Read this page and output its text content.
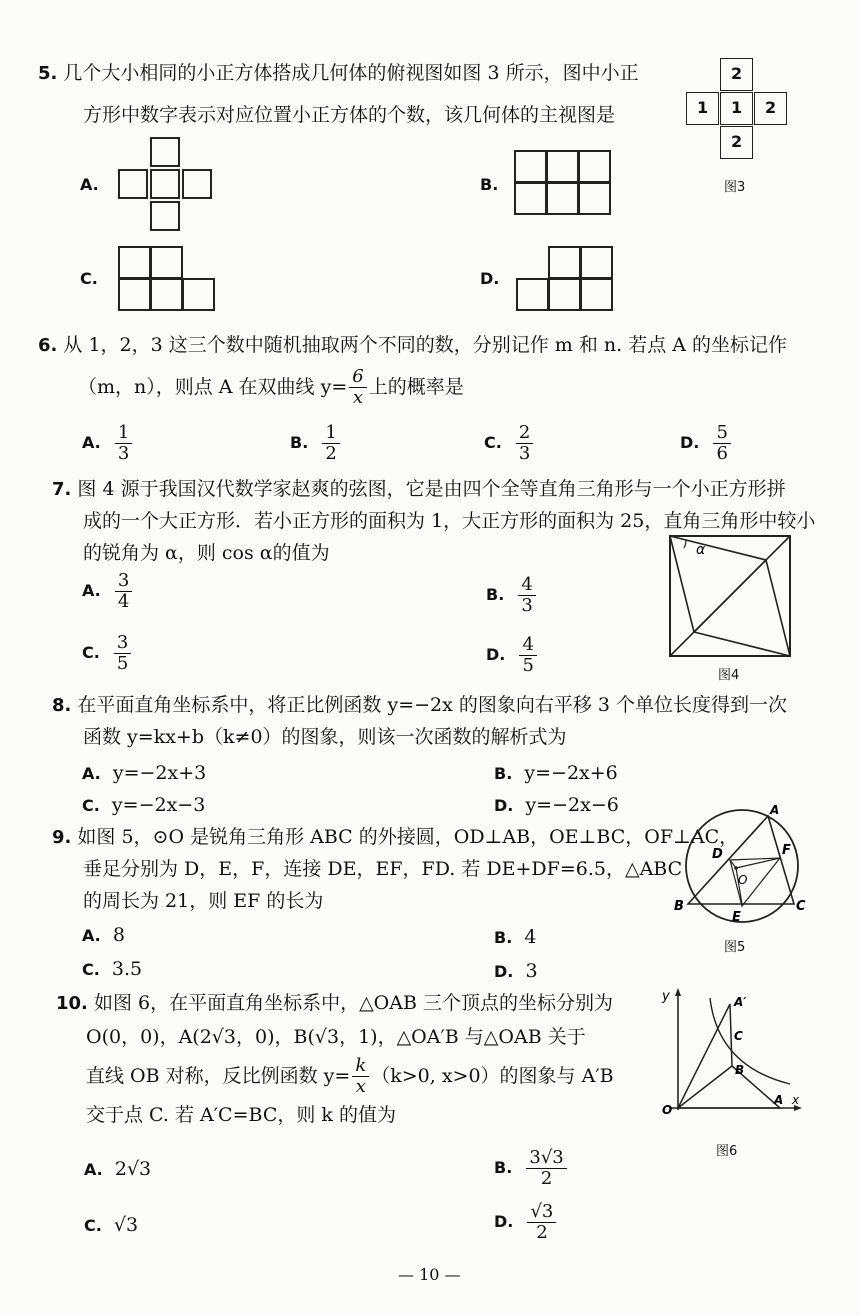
5. 几个大小相同的小正方体搭成几何体的俯视图如图 3 所示，图中小正
方形中数字表示对应位置小正方体的个数，该几何体的主视图是
2
1 1 2
2
图3
A.	B.
C.	D.
6. 从 1，2，3 这三个数中随机抽取两个不同的数，分别记作 m 和 n. 若点 A 的坐标记作
（m，n），则点 A 在双曲线 $y= \frac{6}{x}$ 上的概率是
A.
$\frac{1}{3}$	B.
$\frac{1}{2}$	C.
$\frac{2}{3}$	D.
$\frac{5}{6}$
7. 图 4 源于我国汉代数学家赵爽的弦图，它是由四个全等直角三角形与一个小正方形拼
成的一个大正方形．若小正方形的面积为 1，大正方形的面积为 25，直角三角形中较小
的锐角为 α，则 cos α的值为
A.
$\frac{3}{4}$	B.
$\frac{4}{3}$
C.
$\frac{3}{5}$	D.
$\frac{4}{5}$
α
图4
8. 在平面直角坐标系中，将正比例函数 y=−2x 的图象向右平移 3 个单位长度得到一次
函数 y=kx+b（k≠0）的图象，则该一次函数的解析式为
A. y=−2x+3	B. y=−2x+6
C. y=−2x−3	D. y=−2x−6
9. 如图 5，⊙O 是锐角三角形 ABC 的外接圆，OD⊥AB，OE⊥BC，OF⊥AC，
垂足分别为 D，E，F，连接 DE，EF，FD. 若 DE+DF=6.5，△ABC
的周长为 21，则 EF 的长为
A. 8	B. 4
C. 3.5	D. 3
A
B	C
D
E
F
O
图5
10. 如图 6，在平面直角坐标系中，△OAB 三个顶点的坐标分别为
O(0，0)，A(2√3，0)，B(√3，1)，△OA′B 与△OAB 关于
直线 OB 对称，反比例函数 $y= \frac{k}{x} (k>0$, x>0）的图象与 A′B
交于点 C. 若 A′C=BC，则 k 的值为
A. 2√3	B.
$\frac{3√3}{2}$
C. √3	D.
$\frac{√3}{2}$
y	A′
C
B
O
A x
图6
— 10 —
